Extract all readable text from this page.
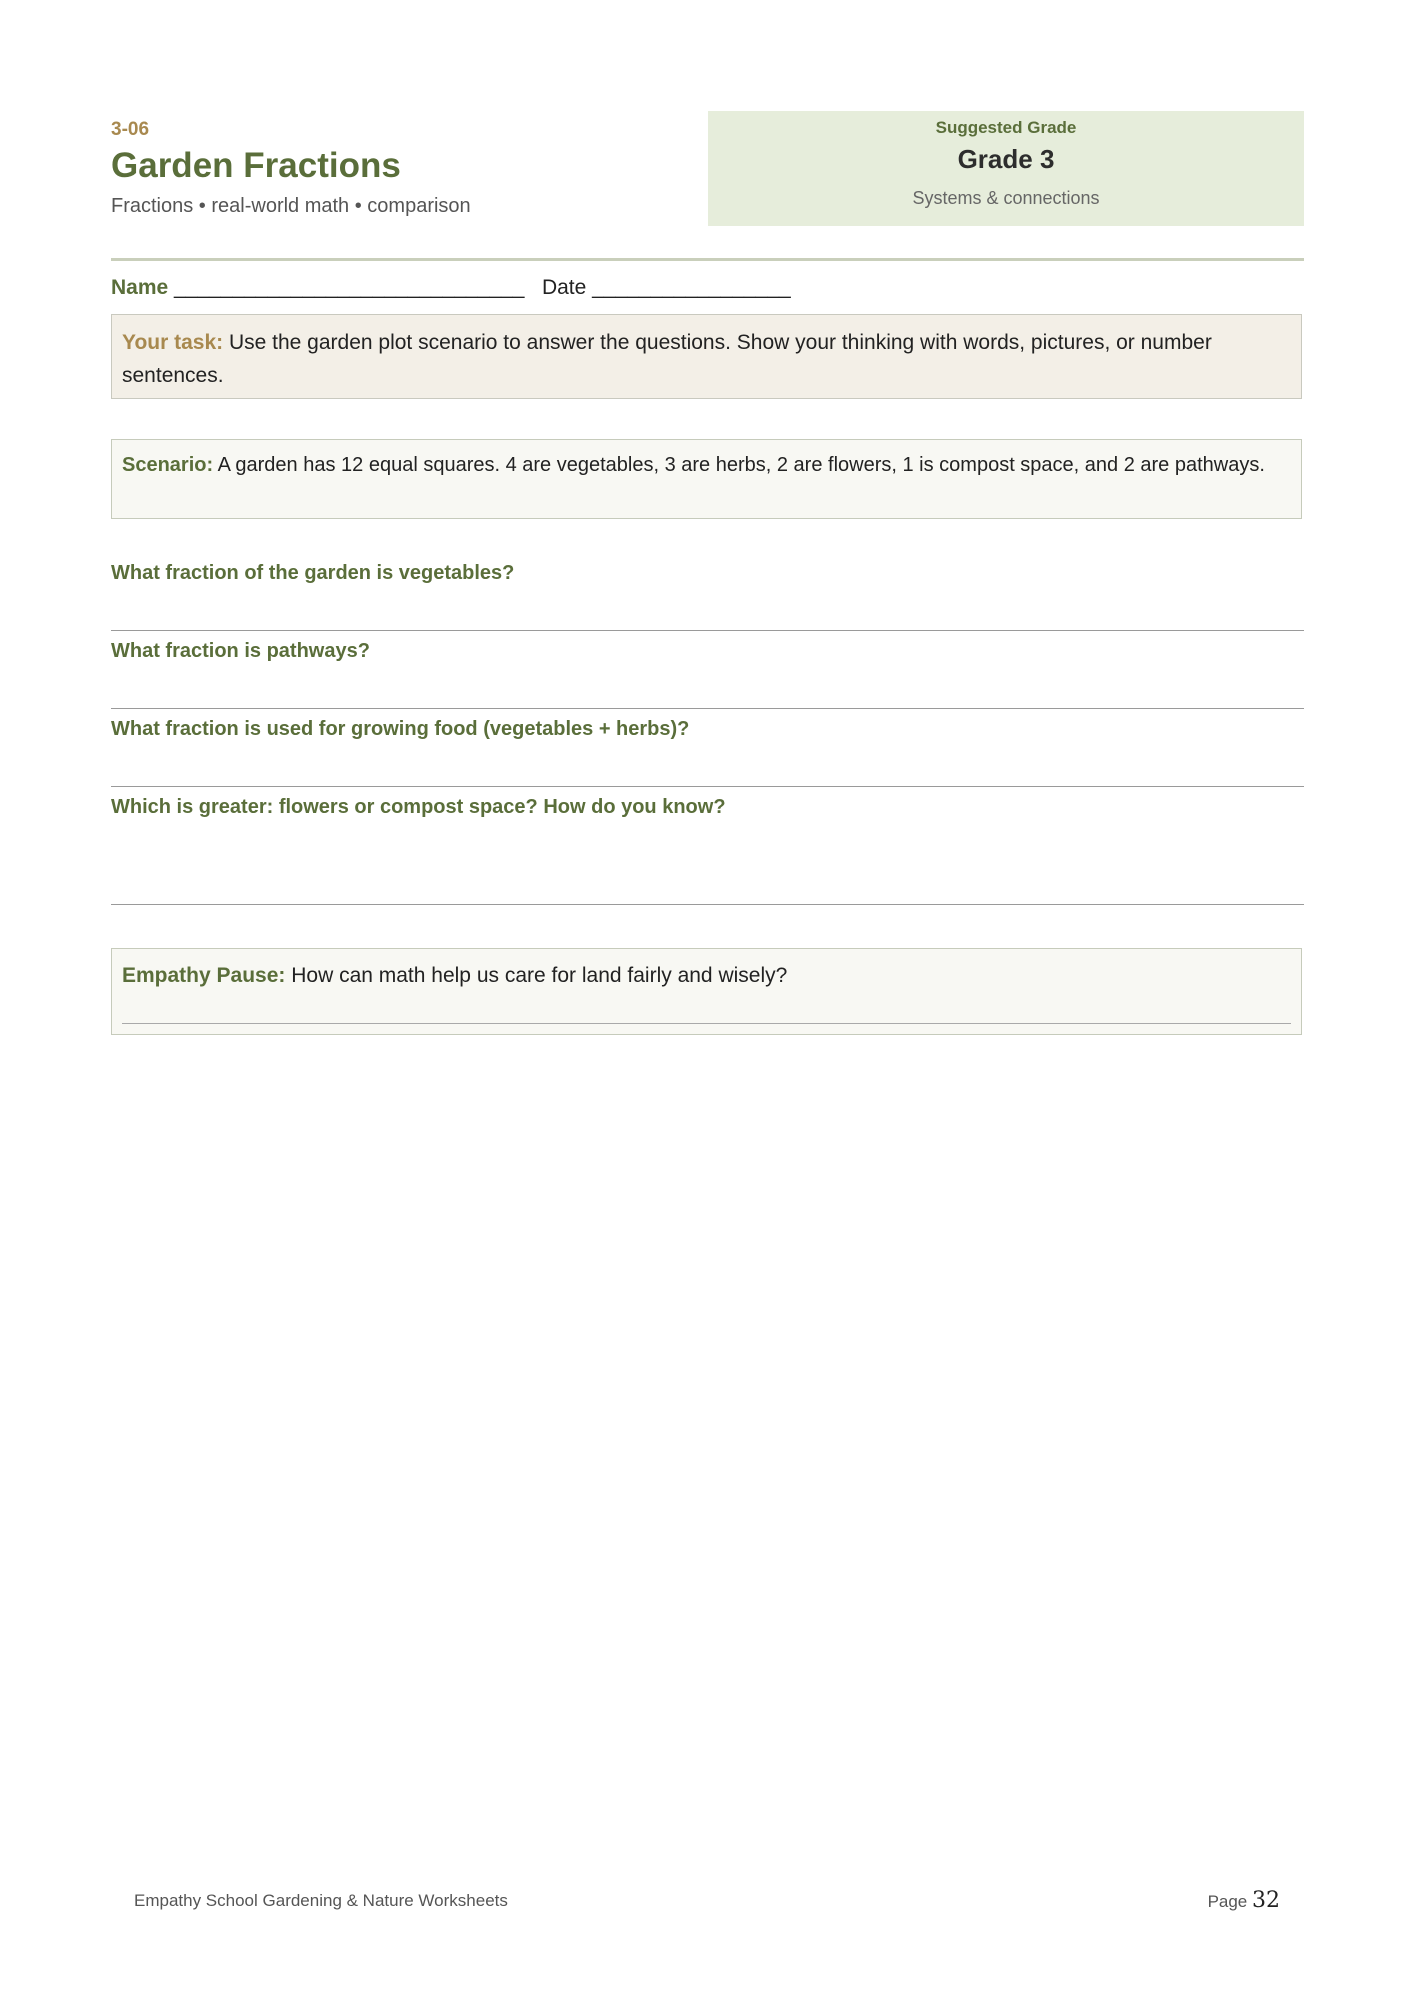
3-06
Garden Fractions
Fractions • real-world math • comparison
Suggested Grade
Grade 3
Systems & connections
Name ______________________________ Date _________________
Your task: Use the garden plot scenario to answer the questions. Show your thinking with words, pictures, or number sentences.
Scenario: A garden has 12 equal squares. 4 are vegetables, 3 are herbs, 2 are flowers, 1 is compost space, and 2 are pathways.
What fraction of the garden is vegetables?
What fraction is pathways?
What fraction is used for growing food (vegetables + herbs)?
Which is greater: flowers or compost space? How do you know?
Empathy Pause: How can math help us care for land fairly and wisely?
Empathy School Gardening & Nature Worksheets	Page 32
